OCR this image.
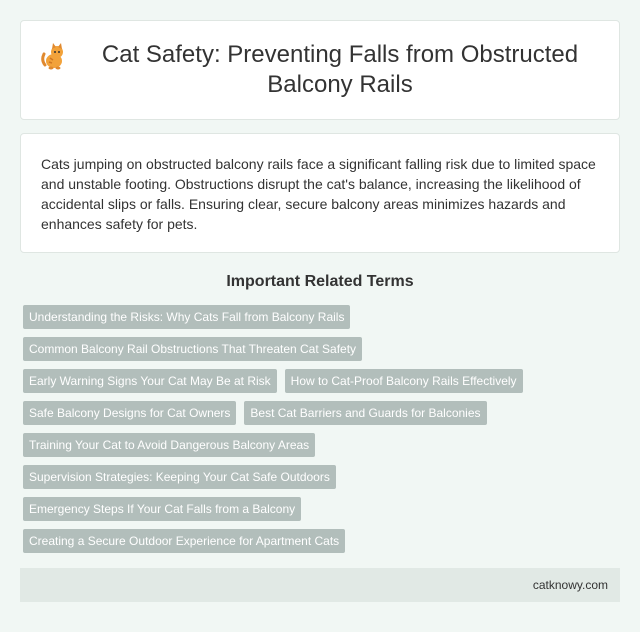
Cat Safety: Preventing Falls from Obstructed Balcony Rails

Cats jumping on obstructed balcony rails face a significant falling risk due to limited space and unstable footing. Obstructions disrupt the cat's balance, increasing the likelihood of accidental slips or falls. Ensuring clear, secure balcony areas minimizes hazards and enhances safety for pets.

Important Related Terms
Understanding the Risks: Why Cats Fall from Balcony Rails
Common Balcony Rail Obstructions That Threaten Cat Safety
Early Warning Signs Your Cat May Be at Risk	How to Cat-Proof Balcony Rails Effectively
Safe Balcony Designs for Cat Owners	Best Cat Barriers and Guards for Balconies
Training Your Cat to Avoid Dangerous Balcony Areas
Supervision Strategies: Keeping Your Cat Safe Outdoors
Emergency Steps If Your Cat Falls from a Balcony
Creating a Secure Outdoor Experience for Apartment Cats
catknowy.com
